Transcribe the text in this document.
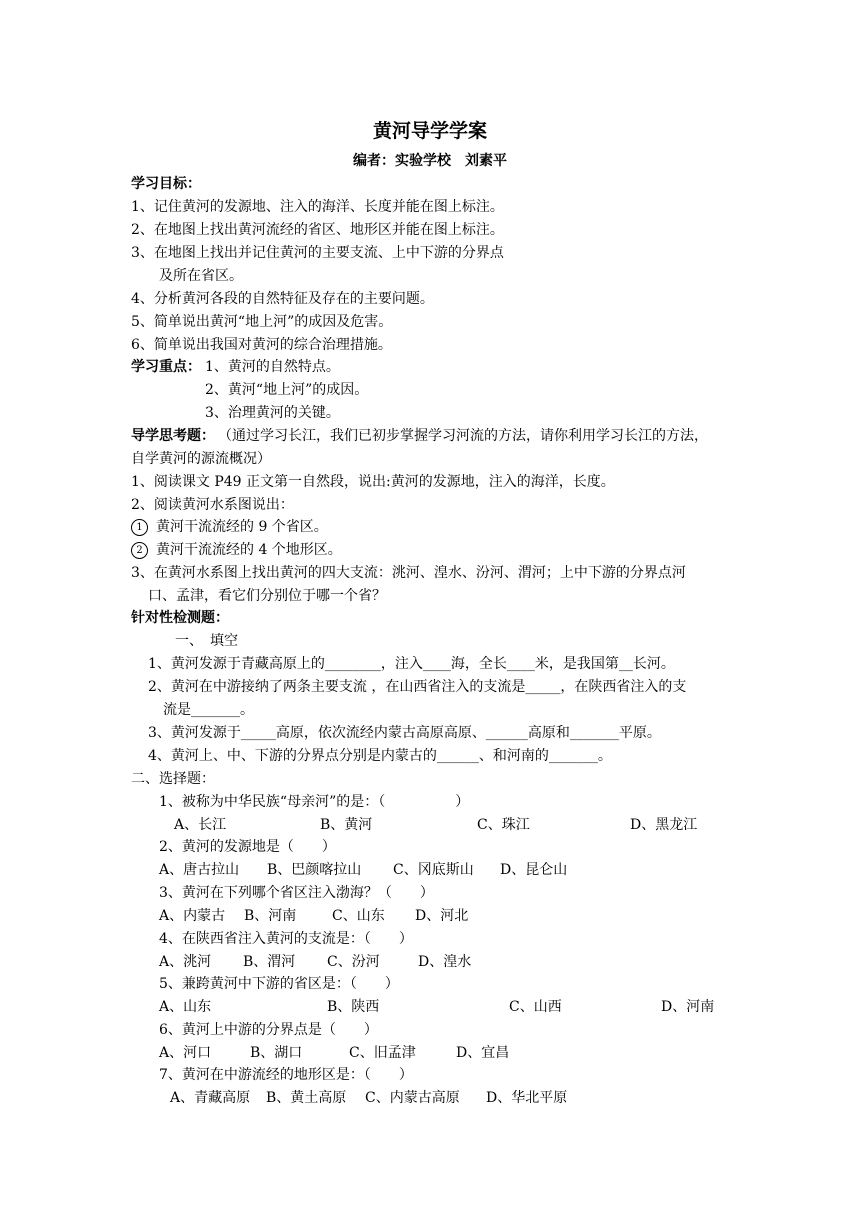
黄河导学学案
编者：实验学校　刘素平
学习目标：
1、记住黄河的发源地、注入的海洋、长度并能在图上标注。
2、在地图上找出黄河流经的省区、地形区并能在图上标注。
3、在地图上找出并记住黄河的主要支流、上中下游的分界点
及所在省区。
4、分析黄河各段的自然特征及存在的主要问题。
5、简单说出黄河“地上河”的成因及危害。
6、简单说出我国对黄河的综合治理措施。
学习重点： 1、黄河的自然特点。
2、黄河“地上河”的成因。
3、治理黄河的关键。
导学思考题： （通过学习长江，我们已初步掌握学习河流的方法，请你利用学习长江的方法，
自学黄河的源流概况）
1、阅读课文 P49 正文第一自然段，说出:黄河的发源地，注入的海洋，长度。
2、阅读黄河水系图说出：
1 黄河干流流经的 9 个省区。
2 黄河干流流经的 4 个地形区。
3、在黄河水系图上找出黄河的四大支流：洮河、湟水、汾河、渭河；上中下游的分界点河
口、孟津，看它们分别位于哪一个省？
针对性检测题：
一、　填空
1、黄河发源于青藏高原上的________，注入____海，全长____米，是我国第__长河。
2、黄河在中游接纳了两条主要支流 ，在山西省注入的支流是_____，在陕西省注入的支
流是_______。
3、黄河发源于_____高原，依次流经内蒙古高原高原、______高原和_______平原。
4、黄河上、中、下游的分界点分别是内蒙古的______、和河南的_______。
二、选择题：
1、被称为中华民族“母亲河”的是：（　　　　　）
A、长江	B、黄河	C、珠江	D、黑龙江
2、黄河的发源地是（　　）
A、唐古拉山 B、巴颜喀拉山 C、冈底斯山 D、昆仑山
3、黄河在下列哪个省区注入渤海？（　　）
A、内蒙古 B、河南	C、山东 D、河北
4、在陕西省注入黄河的支流是：（　　）
A、洮河 B、渭河 C、汾河	D、湟水
5、兼跨黄河中下游的省区是：（　　）
A、山东	B、陕西	C、山西	D、河南
6、黄河上中游的分界点是（　　）
A、河口	B、湖口	C、旧孟津	D、宜昌
7、黄河在中游流经的地形区是：（　　）
A、青藏高原 B、黄土高原 C、内蒙古高原 D、华北平原
